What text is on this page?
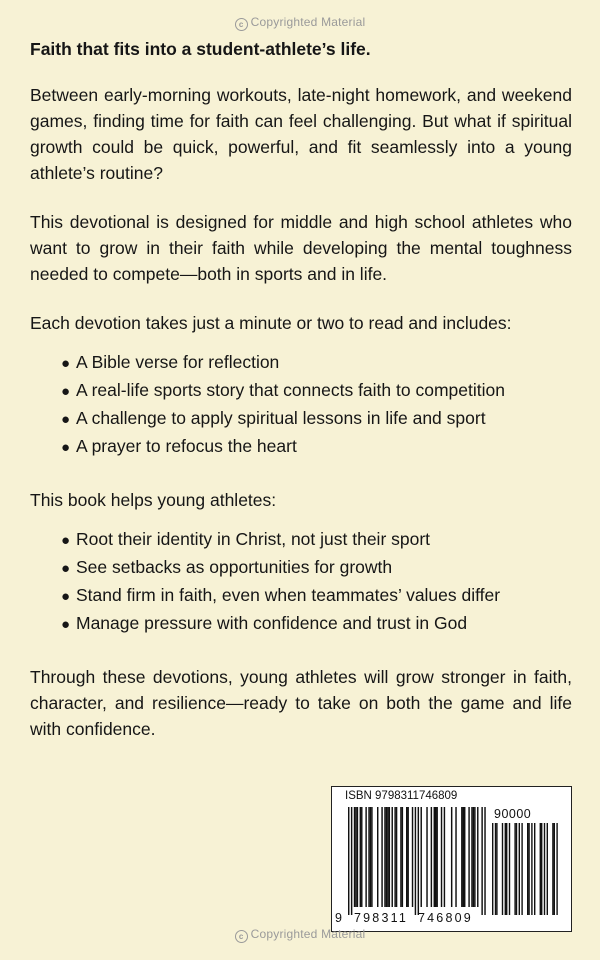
c Copyrighted Material
Faith that fits into a student-athlete’s life.

Between early-morning workouts, late-night homework, and weekend games, finding time for faith can feel challenging. But what if spiritual growth could be quick, powerful, and fit seamlessly into a young athlete’s routine?

This devotional is designed for middle and high school athletes who want to grow in their faith while developing the mental toughness needed to compete—both in sports and in life.

Each devotion takes just a minute or two to read and includes:

● A Bible verse for reflection
● A real-life sports story that connects faith to competition
● A challenge to apply spiritual lessons in life and sport
● A prayer to refocus the heart

This book helps young athletes:

● Root their identity in Christ, not just their sport
● See setbacks as opportunities for growth
● Stand firm in faith, even when teammates’ values differ
● Manage pressure with confidence and trust in God

Through these devotions, young athletes will grow stronger in faith, character, and resilience—ready to take on both the game and life with confidence.

ISBN 9798311746809
90000
9 798311 746809
c Copyrighted Material
